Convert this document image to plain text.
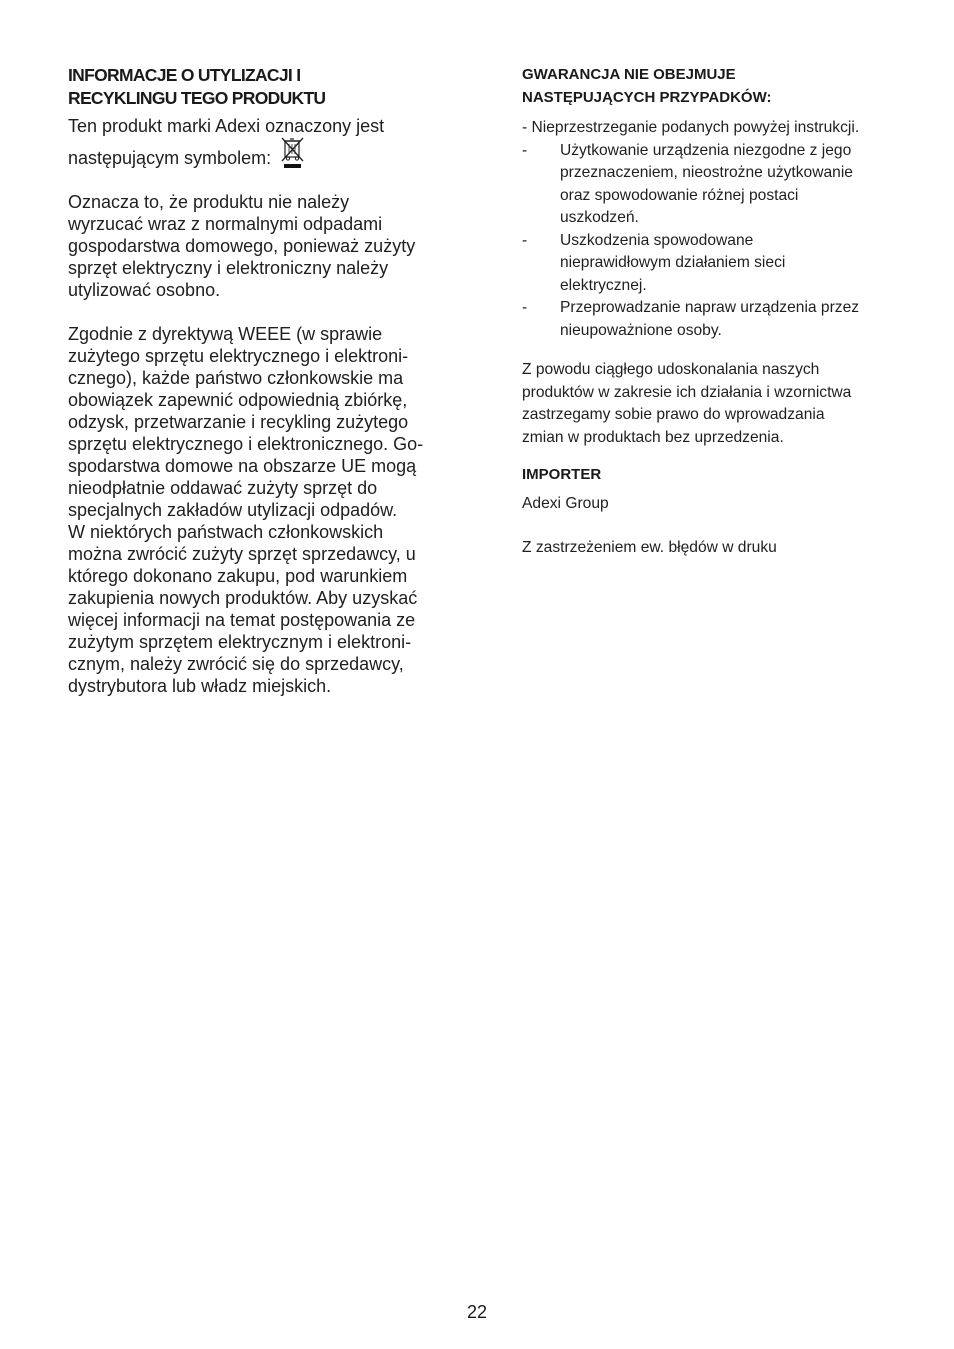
INFORMACJE O UTYLIZACJI I
RECYKLINGU TEGO PRODUKTU

Ten produkt marki Adexi oznaczony jest

następującym symbolem:

Oznacza to, że produktu nie należy
wyrzucać wraz z normalnymi odpadami
gospodarstwa domowego, ponieważ zużyty
sprzęt elektryczny i elektroniczny należy
utylizować osobno.

Zgodnie z dyrektywą WEEE (w sprawie
zużytego sprzętu elektrycznego i elektroni-
cznego), każde państwo członkowskie ma
obowiązek zapewnić odpowiednią zbiórkę,
odzysk, przetwarzanie i recykling zużytego
sprzętu elektrycznego i elektronicznego. Go-
spodarstwa domowe na obszarze UE mogą
nieodpłatnie oddawać zużyty sprzęt do
specjalnych zakładów utylizacji odpadów.
W niektórych państwach członkowskich
można zwrócić zużyty sprzęt sprzedawcy, u
którego dokonano zakupu, pod warunkiem
zakupienia nowych produktów. Aby uzyskać
więcej informacji na temat postępowania ze
zużytym sprzętem elektrycznym i elektroni-
cznym, należy zwrócić się do sprzedawcy,
dystrybutora lub władz miejskich.

GWARANCJA NIE OBEJMUJE
NASTĘPUJĄCYCH PRZYPADKÓW:

- Nieprzestrzeganie podanych powyżej instrukcji.

-	Użytkowanie urządzenia niezgodne z jego
przeznaczeniem, nieostrożne użytkowanie
oraz spowodowanie różnej postaci
uszkodzeń.
-	Uszkodzenia spowodowane
nieprawidłowym działaniem sieci
elektrycznej.
-	Przeprowadzanie napraw urządzenia przez
nieupoważnione osoby.

Z powodu ciągłego udoskonalania naszych
produktów w zakresie ich działania i wzornictwa
zastrzegamy sobie prawo do wprowadzania
zmian w produktach bez uprzedzenia.

IMPORTER

Adexi Group

Z zastrzeżeniem ew. błędów w druku

22
